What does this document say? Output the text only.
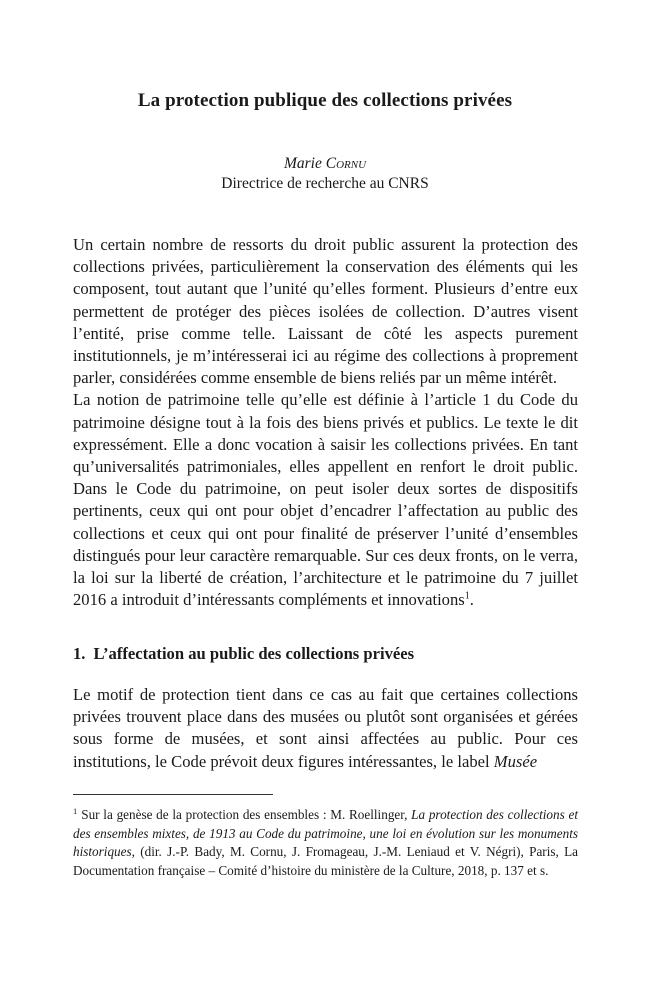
La protection publique des collections privées
Marie Cornu
Directrice de recherche au CNRS

Un certain nombre de ressorts du droit public assurent la protection des collections privées, particulièrement la conservation des éléments qui les composent, tout autant que l’unité qu’elles forment. Plusieurs d’entre eux permettent de protéger des pièces isolées de collection. D’autres visent l’entité, prise comme telle. Laissant de côté les aspects purement institutionnels, je m’intéresserai ici au régime des collections à proprement parler, considérées comme ensemble de biens reliés par un même intérêt.

La notion de patrimoine telle qu’elle est définie à l’article 1 du Code du patrimoine désigne tout à la fois des biens privés et publics. Le texte le dit expressément. Elle a donc vocation à saisir les collections privées. En tant qu’universalités patrimoniales, elles appellent en renfort le droit public. Dans le Code du patrimoine, on peut isoler deux sortes de dispositifs pertinents, ceux qui ont pour objet d’encadrer l’affectation au public des collections et ceux qui ont pour finalité de préserver l’unité d’ensembles distingués pour leur caractère remarquable. Sur ces deux fronts, on le verra, la loi sur la liberté de création, l’architecture et le patrimoine du 7 juillet 2016 a introduit d’intéressants compléments et innovations$^1$.

1. L’affectation au public des collections privées

Le motif de protection tient dans ce cas au fait que certaines collections privées trouvent place dans des musées ou plutôt sont organisées et gérées sous forme de musées, et sont ainsi affectées au public. Pour ces institutions, le Code prévoit deux figures intéressantes, le label Musée

$^1$ Sur la genèse de la protection des ensembles : M. Roellinger, La protection des collections et des ensembles mixtes, de 1913 au Code du patrimoine, une loi en évolution sur les monuments historiques, (dir. J.-P. Bady, M. Cornu, J. Fromageau, J.-M. Leniaud et V. Négri), Paris, La Documentation française – Comité d’histoire du ministère de la Culture, 2018, p. 137 et s.
